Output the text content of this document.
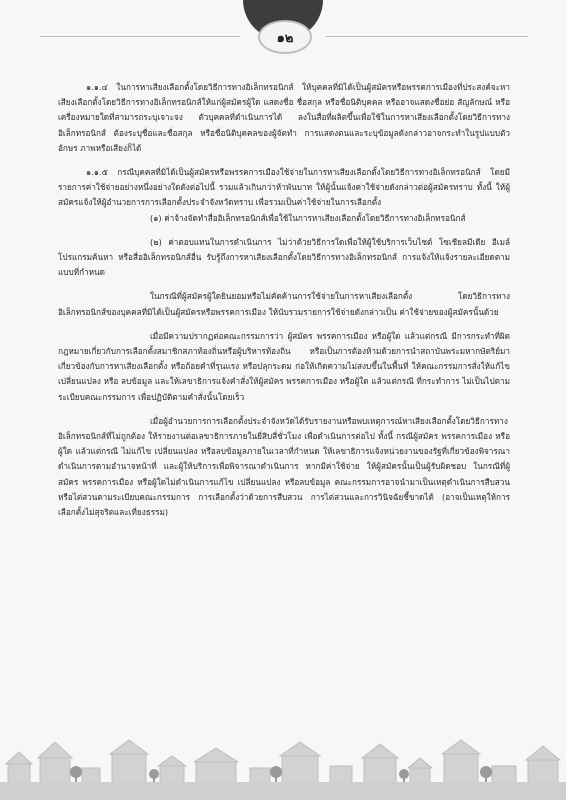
๑๒

๑.๑.๔ ในการหาเสียงเลือกตั้งโดยวิธีการทางอิเล็กทรอนิกส์ ให้บุคคลที่มิได้เป็นผู้สมัครหรือพรรคการเมืองที่ประสงค์จะหาเสียงเลือกตั้งโดยวิธีการทางอิเล็กทรอนิกส์ให้แก่ผู้สมัครผู้ใด แสดงชื่อ ชื่อสกุล หรือชื่อนิติบุคคล หรืออาจแสดงชื่อย่อ สัญลักษณ์ หรือเครื่องหมายใดที่สามารถระบุเจาะจง ตัวบุคคลที่ดำเนินการได้ ลงในสื่อที่ผลิตขึ้นเพื่อใช้ในการหาเสียงเลือกตั้งโดยวิธีการทางอิเล็กทรอนิกส์ ต้องระบุชื่อและชื่อสกุล หรือชื่อนิติบุคคลของผู้จัดทำ การแสดงตนและระบุข้อมูลดังกล่าวอาจกระทำในรูปแบบตัวอักษร ภาพหรือเสียงก็ได้

๑.๑.๕ กรณีบุคคลที่มิได้เป็นผู้สมัครหรือพรรคการเมืองใช้จ่ายในการหาเสียงเลือกตั้งโดยวิธีการทางอิเล็กทรอนิกส์ โดยมีรายการค่าใช้จ่ายอย่างหนึ่งอย่างใดดังต่อไปนี้ รวมแล้วเกินกว่าห้าพันบาท ให้ผู้นั้นแจ้งค่าใช้จ่ายดังกล่าวต่อผู้สมัครทราบ ทั้งนี้ ให้ผู้สมัครแจ้งให้ผู้อำนวยการการเลือกตั้งประจำจังหวัดทราบ เพื่อรวมเป็นค่าใช้จ่ายในการเลือกตั้ง

(๑) ค่าจ้างจัดทำสื่ออิเล็กทรอนิกส์เพื่อใช้ในการหาเสียงเลือกตั้งโดยวิธีการทางอิเล็กทรอนิกส์

(๒) ค่าตอบแทนในการดำเนินการ ไม่ว่าด้วยวิธีการใดเพื่อให้ผู้ใช้บริการเว็บไซต์ โซเชียลมีเดีย อีเมล์ โปรแกรมค้นหา หรือสื่ออิเล็กทรอนิกส์อื่น รับรู้ถึงการหาเสียงเลือกตั้งโดยวิธีการทางอิเล็กทรอนิกส์ การแจ้งให้แจ้งรายละเอียดตามแบบที่กำหนด

ในกรณีที่ผู้สมัครผู้ใดยินยอมหรือไม่คัดค้านการใช้จ่ายในการหาเสียงเลือกตั้ง โดยวิธีการทางอิเล็กทรอนิกส์ของบุคคลที่มิได้เป็นผู้สมัครหรือพรรคการเมือง ให้นับรวมรายการใช้จ่ายดังกล่าวเป็น ค่าใช้จ่ายของผู้สมัครนั้นด้วย

เมื่อมีความปรากฏต่อคณะกรรมการว่า ผู้สมัคร พรรคการเมือง หรือผู้ใด แล้วแต่กรณี มีการกระทำที่ผิดกฎหมายเกี่ยวกับการเลือกตั้งสมาชิกสภาท้องถิ่นหรือผู้บริหารท้องถิ่น หรือเป็นการต้องห้ามด้วยการนำสถาบันพระมหากษัตริย์มาเกี่ยวข้องกับการหาเสียงเลือกตั้ง หรือถ้อยคำที่รุนแรง หรือปลุกระดม ก่อให้เกิดความไม่สงบขึ้นในพื้นที่ ให้คณะกรรมการสั่งให้แก้ไข เปลี่ยนแปลง หรือ ลบข้อมูล และให้เลขาธิการแจ้งคำสั่งให้ผู้สมัคร พรรคการเมือง หรือผู้ใด แล้วแต่กรณี ที่กระทำการ ไม่เป็นไปตามระเบียบคณะกรรมการ เพื่อปฏิบัติตามคำสั่งนั้นโดยเร็ว

เมื่อผู้อำนวยการการเลือกตั้งประจำจังหวัดได้รับรายงานหรือพบเหตุการณ์หาเสียงเลือกตั้งโดยวิธีการทางอิเล็กทรอนิกส์ที่ไม่ถูกต้อง ให้รายงานต่อเลขาธิการภายในยี่สิบสี่ชั่วโมง เพื่อดำเนินการต่อไป ทั้งนี้ กรณีผู้สมัคร พรรคการเมือง หรือผู้ใด แล้วแต่กรณี ไม่แก้ไข เปลี่ยนแปลง หรือลบข้อมูลภายในเวลาที่กำหนด ให้เลขาธิการแจ้งหน่วยงานของรัฐที่เกี่ยวข้องพิจารณาดำเนินการตามอำนาจหน้าที่ และผู้ให้บริการเพื่อพิจารณาดำเนินการ หากมีค่าใช้จ่าย ให้ผู้สมัครนั้นเป็นผู้รับผิดชอบ ในกรณีที่ผู้สมัคร พรรคการเมือง หรือผู้ใดไม่ดำเนินการแก้ไข เปลี่ยนแปลง หรือลบข้อมูล คณะกรรมการอาจนำมาเป็นเหตุดำเนินการสืบสวนหรือไต่สวนตามระเบียบคณะกรรมการ การเลือกตั้งว่าด้วยการสืบสวน การไต่สวนและการวินิจฉัยชี้ขาดได้ (อาจเป็นเหตุให้การเลือกตั้งไม่สุจริตและเที่ยงธรรม)
